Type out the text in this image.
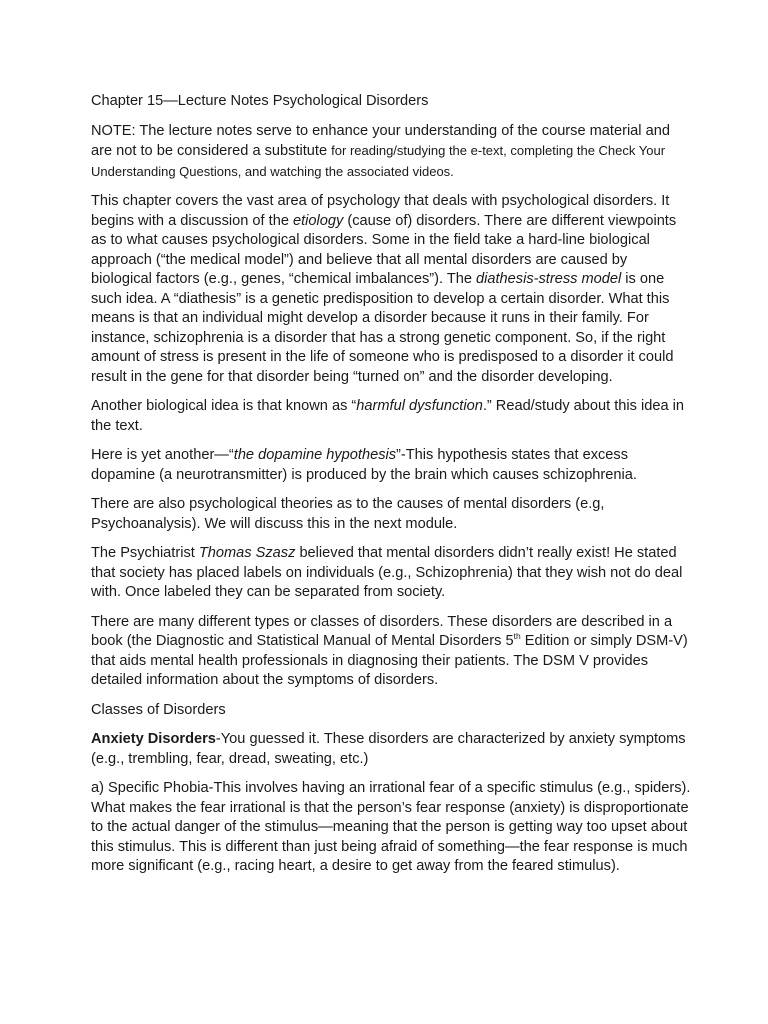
Chapter 15—Lecture Notes Psychological Disorders

NOTE: The lecture notes serve to enhance your understanding of the course material and are not to be considered a substitute for reading/studying the e-text, completing the Check Your Understanding Questions, and watching the associated videos.

This chapter covers the vast area of psychology that deals with psychological disorders. It begins with a discussion of the etiology (cause of) disorders. There are different viewpoints as to what causes psychological disorders. Some in the field take a hard-line biological approach (“the medical model”) and believe that all mental disorders are caused by biological factors (e.g., genes, “chemical imbalances”). The diathesis-stress model is one such idea. A “diathesis” is a genetic predisposition to develop a certain disorder. What this means is that an individual might develop a disorder because it runs in their family. For instance, schizophrenia is a disorder that has a strong genetic component. So, if the right amount of stress is present in the life of someone who is predisposed to a disorder it could result in the gene for that disorder being “turned on” and the disorder developing.

Another biological idea is that known as “harmful dysfunction.” Read/study about this idea in the text.

Here is yet another—“the dopamine hypothesis”-This hypothesis states that excess dopamine (a neurotransmitter) is produced by the brain which causes schizophrenia.

There are also psychological theories as to the causes of mental disorders (e.g, Psychoanalysis). We will discuss this in the next module.

The Psychiatrist Thomas Szasz believed that mental disorders didn’t really exist! He stated that society has placed labels on individuals (e.g., Schizophrenia) that they wish not do deal with. Once labeled they can be separated from society.

There are many different types or classes of disorders. These disorders are described in a book (the Diagnostic and Statistical Manual of Mental Disorders 5th Edition or simply DSM-V) that aids mental health professionals in diagnosing their patients. The DSM V provides detailed information about the symptoms of disorders.

Classes of Disorders

Anxiety Disorders-You guessed it. These disorders are characterized by anxiety symptoms (e.g., trembling, fear, dread, sweating, etc.)

a) Specific Phobia-This involves having an irrational fear of a specific stimulus (e.g., spiders). What makes the fear irrational is that the person’s fear response (anxiety) is disproportionate to the actual danger of the stimulus—meaning that the person is getting way too upset about this stimulus. This is different than just being afraid of something—the fear response is much more significant (e.g., racing heart, a desire to get away from the feared stimulus).
